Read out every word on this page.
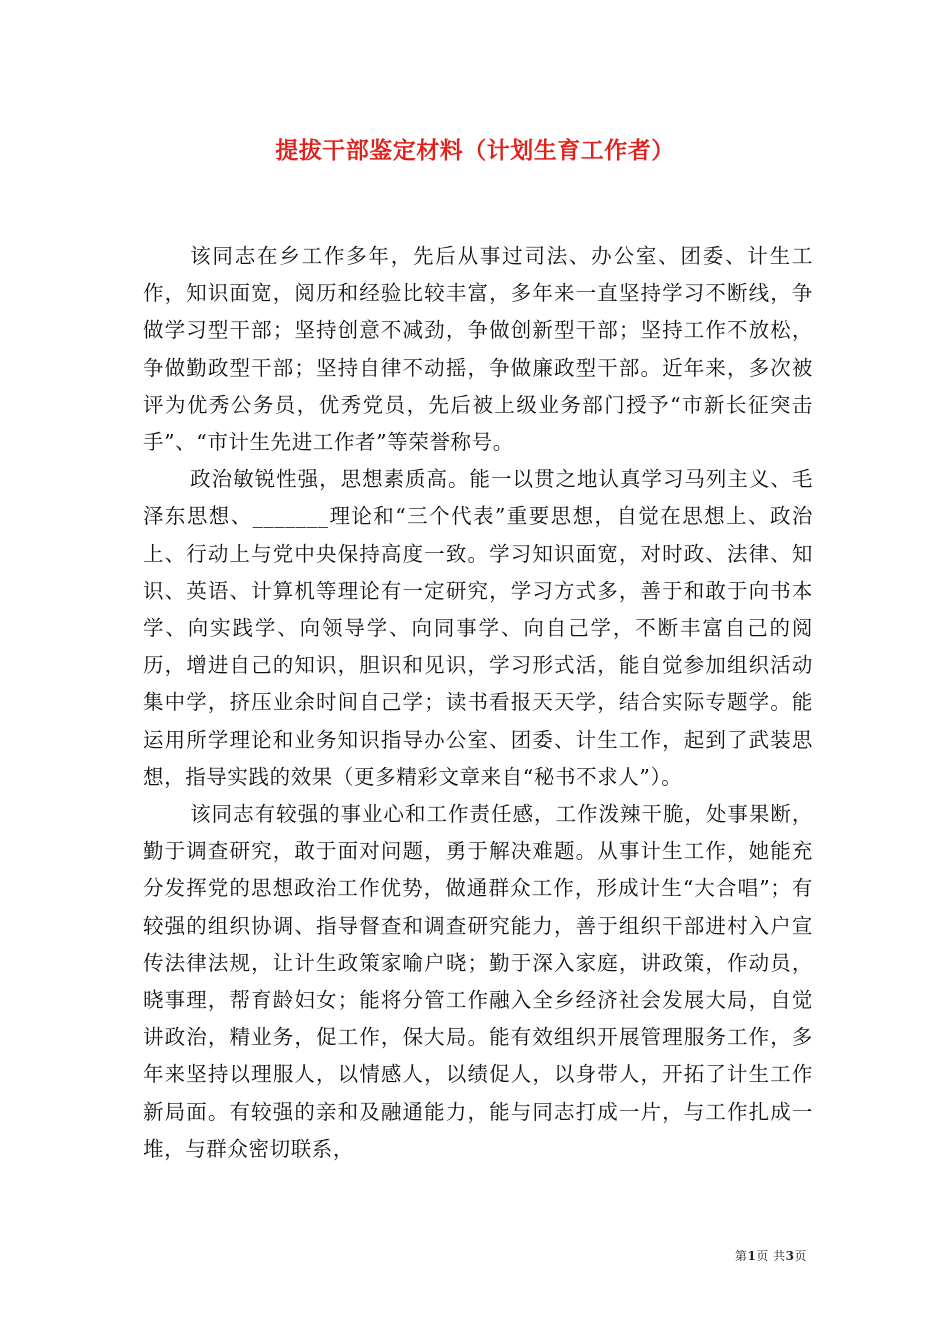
提拔干部鉴定材料（计划生育工作者）

该同志在乡工作多年，先后从事过司法、办公室、团委、计生工作，知识面宽，阅历和经验比较丰富，多年来一直坚持学习不断线，争做学习型干部；坚持创意不减劲，争做创新型干部；坚持工作不放松，争做勤政型干部；坚持自律不动摇，争做廉政型干部。近年来，多次被评为优秀公务员，优秀党员，先后被上级业务部门授予“市新长征突击手”、“市计生先进工作者”等荣誉称号。

政治敏锐性强，思想素质高。能一以贯之地认真学习马列主义、毛泽东思想、_______理论和“三个代表”重要思想，自觉在思想上、政治上、行动上与党中央保持高度一致。学习知识面宽，对时政、法律、知识、英语、计算机等理论有一定研究，学习方式多，善于和敢于向书本学、向实践学、向领导学、向同事学、向自己学，不断丰富自己的阅历，增进自己的知识，胆识和见识，学习形式活，能自觉参加组织活动集中学，挤压业余时间自己学；读书看报天天学，结合实际专题学。能运用所学理论和业务知识指导办公室、团委、计生工作，起到了武装思想，指导实践的效果（更多精彩文章来自“秘书不求人”）。

该同志有较强的事业心和工作责任感，工作泼辣干脆，处事果断，勤于调查研究，敢于面对问题，勇于解决难题。从事计生工作，她能充分发挥党的思想政治工作优势，做通群众工作，形成计生“大合唱”；有较强的组织协调、指导督查和调查研究能力，善于组织干部进村入户宣传法律法规，让计生政策家喻户晓；勤于深入家庭，讲政策，作动员，晓事理，帮育龄妇女；能将分管工作融入全乡经济社会发展大局，自觉讲政治，精业务，促工作，保大局。能有效组织开展管理服务工作，多年来坚持以理服人，以情感人，以绩促人，以身带人，开拓了计生工作新局面。有较强的亲和及融通能力，能与同志打成一片，与工作扎成一堆，与群众密切联系，

第1页 共3页
